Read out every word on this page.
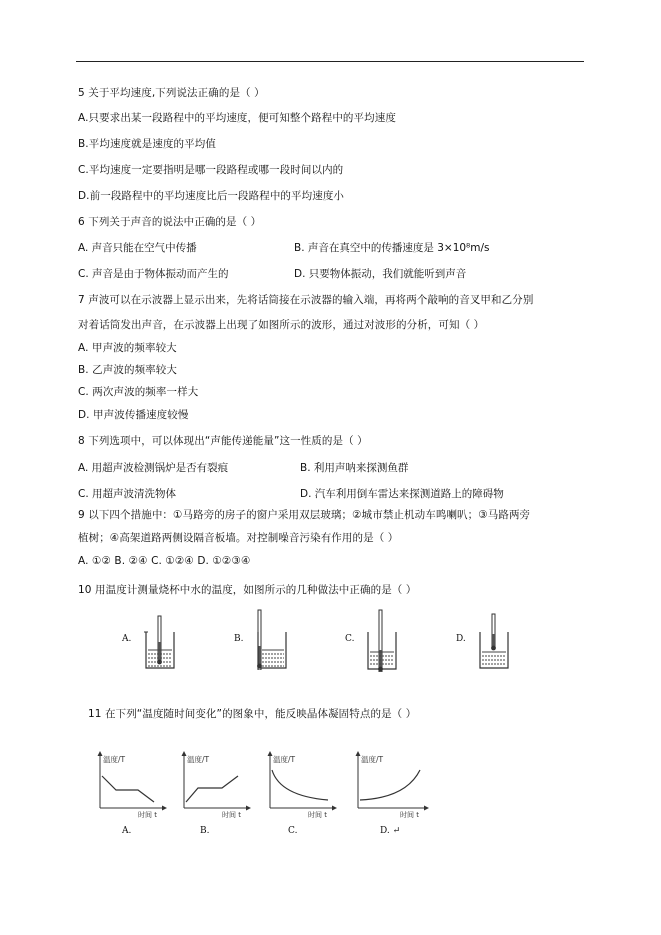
5 关于平均速度,下列说法正确的是（ ）
A.只要求出某一段路程中的平均速度，便可知整个路程中的平均速度
B.平均速度就是速度的平均值
C.平均速度一定要指明是哪一段路程或哪一段时间以内的
D.前一段路程中的平均速度比后一段路程中的平均速度小
6 下列关于声音的说法中正确的是（ ）
A. 声音只能在空气中传播	B. 声音在真空中的传播速度是 3×10⁸m/s
C. 声音是由于物体振动而产生的	D. 只要物体振动，我们就能听到声音
7 声波可以在示波器上显示出来，先将话筒接在示波器的输入端，再将两个敲响的音叉甲和乙分别
对着话筒发出声音，在示波器上出现了如图所示的波形，通过对波形的分析，可知（ ）
A. 甲声波的频率较大
B. 乙声波的频率较大
C. 两次声波的频率一样大
D. 甲声波传播速度较慢
8 下列选项中，可以体现出“声能传递能量”这一性质的是（ ）
A. 用超声波检测锅炉是否有裂痕	B. 利用声呐来探测鱼群
C. 用超声波清洗物体	D. 汽车利用倒车雷达来探测道路上的障碍物
9 以下四个措施中：①马路旁的房子的窗户采用双层玻璃；②城市禁止机动车鸣喇叭；③马路两旁
植树；④高架道路两侧设隔音板墙。对控制噪音污染有作用的是（ ）
A. ①② B. ②④ C. ①②④ D. ①②③④
10 用温度计测量烧杯中水的温度，如图所示的几种做法中正确的是（ ）
A.	B.	C.	D.
11 在下列“温度随时间变化”的图象中，能反映晶体凝固特点的是（ ）
温度/T
时间 t
A.
温度/T
时间 t
B.
温度/T
时间 t
C.
温度/T
时间 t
D. ↵
